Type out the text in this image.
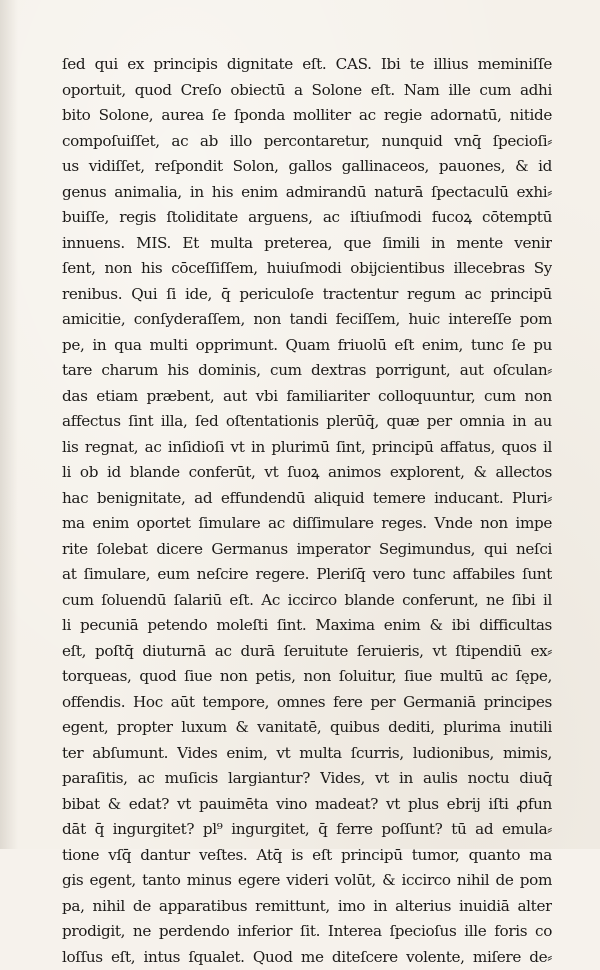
ſed qui ex principis dignitate eſt. CAS. Ibi te illius meminiſſe
oportuit, quod Creſo obiectū a Solone eſt. Nam ille cum adhi
bito Solone, aurea ſe ſponda molliter ac regie adornatū, nitide
compoſuiſſet, ac ab illo percontaretur, nunquid vnq̄ ſpecioſi⸗
us vidiſſet, reſpondit Solon, gallos gallinaceos, pauones, & id
genus animalia, in his enim admirandū naturā ſpectaculū exhi⸗
buiſſe, regis ſtoliditate arguens, ac iſtiuſmodi fucoꝝ cōtemptū
innuens. MIS. Et multa preterea, que ſimili in mente venir
ſent, non his cōceſſiſſem, huiuſmodi obijcientibus illecebras Sy
renibus. Qui ſi ide, q̄ periculoſe tractentur regum ac principū
amicitie, conſyderaſſem, non tandi feciſſem, huic intereſſe pom
pe, in qua multi opprimunt. Quam friuolū eſt enim, tunc ſe pu
tare charum his dominis, cum dextras porrigunt, aut oſculan⸗
das etiam præbent, aut vbi familiariter colloquuntur, cum non
affectus ſint illa, ſed oſtentationis plerūq̄, quæ per omnia in au
lis regnat, ac inſidioſi vt in plurimū ſint, principū affatus, quos il
li ob id blande conferūt, vt ſuoꝝ animos explorent, & allectos
hac benignitate, ad effundendū aliquid temere inducant. Pluri⸗
ma enim oportet ſimulare ac diſſimulare reges. Vnde non impe
rite ſolebat dicere Germanus imperator Segimundus, qui neſci
at ſimulare, eum neſcire regere. Pleriſq̄ vero tunc affabiles ſunt
cum ſoluendū ſalariū eſt. Ac iccirco blande conferunt, ne ſibi il
li pecuniā petendo moleſti ſint. Maxima enim & ibi difficultas
eſt, poſtq̄ diuturnā ac durā ſeruitute ſeruieris, vt ſtipendiū ex⸗
torqueas, quod ſiue non petis, non ſoluitur, ſiue multū ac ſępe,
offendis. Hoc aūt tempore, omnes fere per Germaniā principes
egent, propter luxum & vanitatē, quibus dediti, plurima inutili
ter abſumunt. Vides enim, vt multa ſcurris, ludionibus, mimis,
paraſitis, ac muſicis largiantur? Vides, vt in aulis noctu diuq̄
bibat & edat? vt pauimēta vino madeat? vt plus ebrij iſti ꝓfun
dāt q̄ ingurgitet? pl⁹ ingurgitet, q̄ ferre poſſunt? tū ad emula⸗
tione vſq̄ dantur veſtes. Atq̄ is eſt principū tumor, quanto ma
gis egent, tanto minus egere videri volūt, & iccirco nihil de pom
pa, nihil de apparatibus remittunt, imo in alterius inuidiā alter
prodigit, ne perdendo inferior ſit. Interea ſpecioſus ille foris co
loſſus eſt, intus ſqualet. Quod me diteſcere volente, miſere de⸗
